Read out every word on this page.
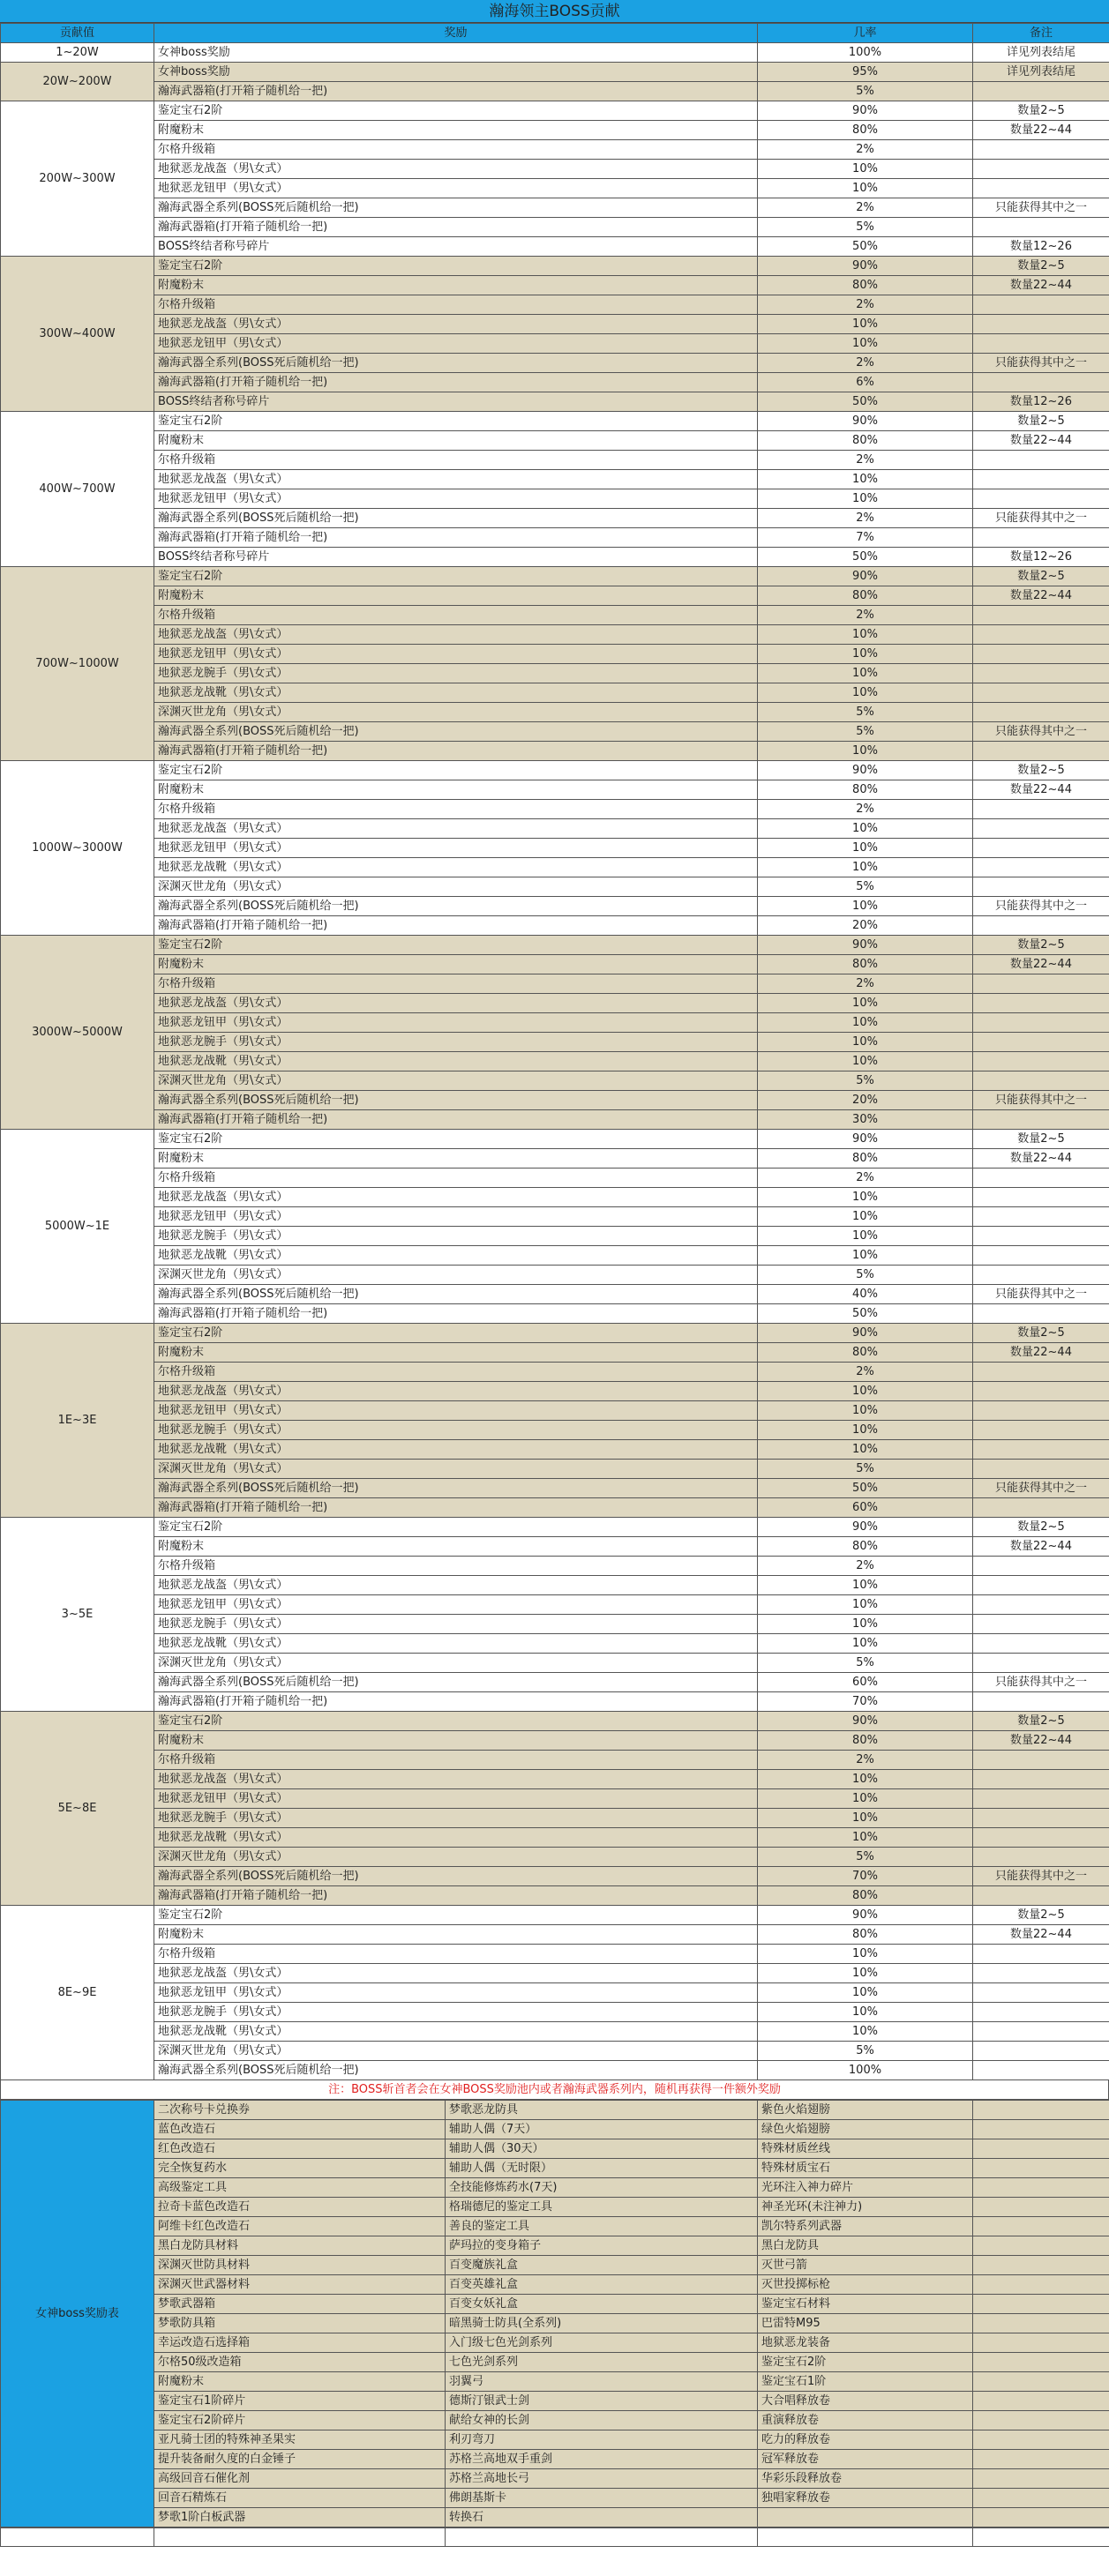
瀚海领主BOSS贡献
贡献值	奖励	几率	备注
1~20W	女神boss奖励	100%	详见列表结尾
20W~200W	女神boss奖励	95%	详见列表结尾
	瀚海武器箱(打开箱子随机给一把)	5%	
200W~300W	鉴定宝石2阶	90%	数量2~5
	附魔粉末	80%	数量22~44
	尔格升级箱	2%	
	地狱恶龙战盔（男\女式）	10%	
	地狱恶龙钮甲（男\女式）	10%	
	瀚海武器全系列(BOSS死后随机给一把)	2%	只能获得其中之一
	瀚海武器箱(打开箱子随机给一把)	5%	
	BOSS终结者称号碎片	50%	数量12~26
300W~400W	鉴定宝石2阶	90%	数量2~5
	附魔粉末	80%	数量22~44
	尔格升级箱	2%	
	地狱恶龙战盔（男\女式）	10%	
	地狱恶龙钮甲（男\女式）	10%	
	瀚海武器全系列(BOSS死后随机给一把)	2%	只能获得其中之一
	瀚海武器箱(打开箱子随机给一把)	6%	
	BOSS终结者称号碎片	50%	数量12~26
400W~700W	鉴定宝石2阶	90%	数量2~5
	附魔粉末	80%	数量22~44
	尔格升级箱	2%	
	地狱恶龙战盔（男\女式）	10%	
	地狱恶龙钮甲（男\女式）	10%	
	瀚海武器全系列(BOSS死后随机给一把)	2%	只能获得其中之一
	瀚海武器箱(打开箱子随机给一把)	7%	
	BOSS终结者称号碎片	50%	数量12~26
700W~1000W	鉴定宝石2阶	90%	数量2~5
	附魔粉末	80%	数量22~44
	尔格升级箱	2%	
	地狱恶龙战盔（男\女式）	10%	
	地狱恶龙钮甲（男\女式）	10%	
	地狱恶龙腕手（男\女式）	10%	
	地狱恶龙战靴（男\女式）	10%	
	深渊灭世龙角（男\女式）	5%	
	瀚海武器全系列(BOSS死后随机给一把)	5%	只能获得其中之一
	瀚海武器箱(打开箱子随机给一把)	10%	
1000W~3000W	鉴定宝石2阶	90%	数量2~5
	附魔粉末	80%	数量22~44
	尔格升级箱	2%	
	地狱恶龙战盔（男\女式）	10%	
	地狱恶龙钮甲（男\女式）	10%	
	地狱恶龙战靴（男\女式）	10%	
	深渊灭世龙角（男\女式）	5%	
	瀚海武器全系列(BOSS死后随机给一把)	10%	只能获得其中之一
	瀚海武器箱(打开箱子随机给一把)	20%	
3000W~5000W	鉴定宝石2阶	90%	数量2~5
	附魔粉末	80%	数量22~44
	尔格升级箱	2%	
	地狱恶龙战盔（男\女式）	10%	
	地狱恶龙钮甲（男\女式）	10%	
	地狱恶龙腕手（男\女式）	10%	
	地狱恶龙战靴（男\女式）	10%	
	深渊灭世龙角（男\女式）	5%	
	瀚海武器全系列(BOSS死后随机给一把)	20%	只能获得其中之一
	瀚海武器箱(打开箱子随机给一把)	30%	
5000W~1E	鉴定宝石2阶	90%	数量2~5
	附魔粉末	80%	数量22~44
	尔格升级箱	2%	
	地狱恶龙战盔（男\女式）	10%	
	地狱恶龙钮甲（男\女式）	10%	
	地狱恶龙腕手（男\女式）	10%	
	地狱恶龙战靴（男\女式）	10%	
	深渊灭世龙角（男\女式）	5%	
	瀚海武器全系列(BOSS死后随机给一把)	40%	只能获得其中之一
	瀚海武器箱(打开箱子随机给一把)	50%	
1E~3E	鉴定宝石2阶	90%	数量2~5
	附魔粉末	80%	数量22~44
	尔格升级箱	2%	
	地狱恶龙战盔（男\女式）	10%	
	地狱恶龙钮甲（男\女式）	10%	
	地狱恶龙腕手（男\女式）	10%	
	地狱恶龙战靴（男\女式）	10%	
	深渊灭世龙角（男\女式）	5%	
	瀚海武器全系列(BOSS死后随机给一把)	50%	只能获得其中之一
	瀚海武器箱(打开箱子随机给一把)	60%	
3~5E	鉴定宝石2阶	90%	数量2~5
	附魔粉末	80%	数量22~44
	尔格升级箱	2%	
	地狱恶龙战盔（男\女式）	10%	
	地狱恶龙钮甲（男\女式）	10%	
	地狱恶龙腕手（男\女式）	10%	
	地狱恶龙战靴（男\女式）	10%	
	深渊灭世龙角（男\女式）	5%	
	瀚海武器全系列(BOSS死后随机给一把)	60%	只能获得其中之一
	瀚海武器箱(打开箱子随机给一把)	70%	
5E~8E	鉴定宝石2阶	90%	数量2~5
	附魔粉末	80%	数量22~44
	尔格升级箱	2%	
	地狱恶龙战盔（男\女式）	10%	
	地狱恶龙钮甲（男\女式）	10%	
	地狱恶龙腕手（男\女式）	10%	
	地狱恶龙战靴（男\女式）	10%	
	深渊灭世龙角（男\女式）	5%	
	瀚海武器全系列(BOSS死后随机给一把)	70%	只能获得其中之一
	瀚海武器箱(打开箱子随机给一把)	80%	
8E~9E	鉴定宝石2阶	90%	数量2~5
	附魔粉末	80%	数量22~44
	尔格升级箱	10%	
	地狱恶龙战盔（男\女式）	10%	
	地狱恶龙钮甲（男\女式）	10%	
	地狱恶龙腕手（男\女式）	10%	
	地狱恶龙战靴（男\女式）	10%	
	深渊灭世龙角（男\女式）	5%	
	瀚海武器全系列(BOSS死后随机给一把)	100%	
注：BOSS斩首者会在女神BOSS奖励池内或者瀚海武器系列内，随机再获得一件额外奖励
女神boss奖励表	二次称号卡兑换券	梦歌恶龙防具	紫色火焰翅膀	
	蓝色改造石	辅助人偶（7天）	绿色火焰翅膀	
	红色改造石	辅助人偶（30天）	特殊材质丝线	
	完全恢复药水	辅助人偶（无时限）	特殊材质宝石	
	高级鉴定工具	全技能修炼药水(7天)	光环注入神力碎片	
	拉奇卡蓝色改造石	格瑞德尼的鉴定工具	神圣光环(未注神力)	
	阿维卡红色改造石	善良的鉴定工具	凯尔特系列武器	
	黑白龙防具材料	萨玛拉的变身箱子	黑白龙防具	
	深渊灭世防具材料	百变魔族礼盒	灭世弓箭	
	深渊灭世武器材料	百变英雄礼盒	灭世投掷标枪	
	梦歌武器箱	百变女妖礼盒	鉴定宝石材料	
	梦歌防具箱	暗黑骑士防具(全系列)	巴雷特M95	
	幸运改造石选择箱	入门级七色光剑系列	地狱恶龙装备	
	尔格50级改造箱	七色光剑系列	鉴定宝石2阶	
	附魔粉末	羽翼弓	鉴定宝石1阶	
	鉴定宝石1阶碎片	德斯汀银武士剑	大合唱释放卷	
	鉴定宝石2阶碎片	献给女神的长剑	重演释放卷	
	亚凡骑士团的特殊神圣果实	利刃弯刀	吃力的释放卷	
	提升装备耐久度的白金锤子	苏格兰高地双手重剑	冠军释放卷	
	高级回音石催化剂	苏格兰高地长弓	华彩乐段释放卷	
	回音石精炼石	佛朗基斯卡	独唱家释放卷	
	梦歌1阶白板武器	转换石		
